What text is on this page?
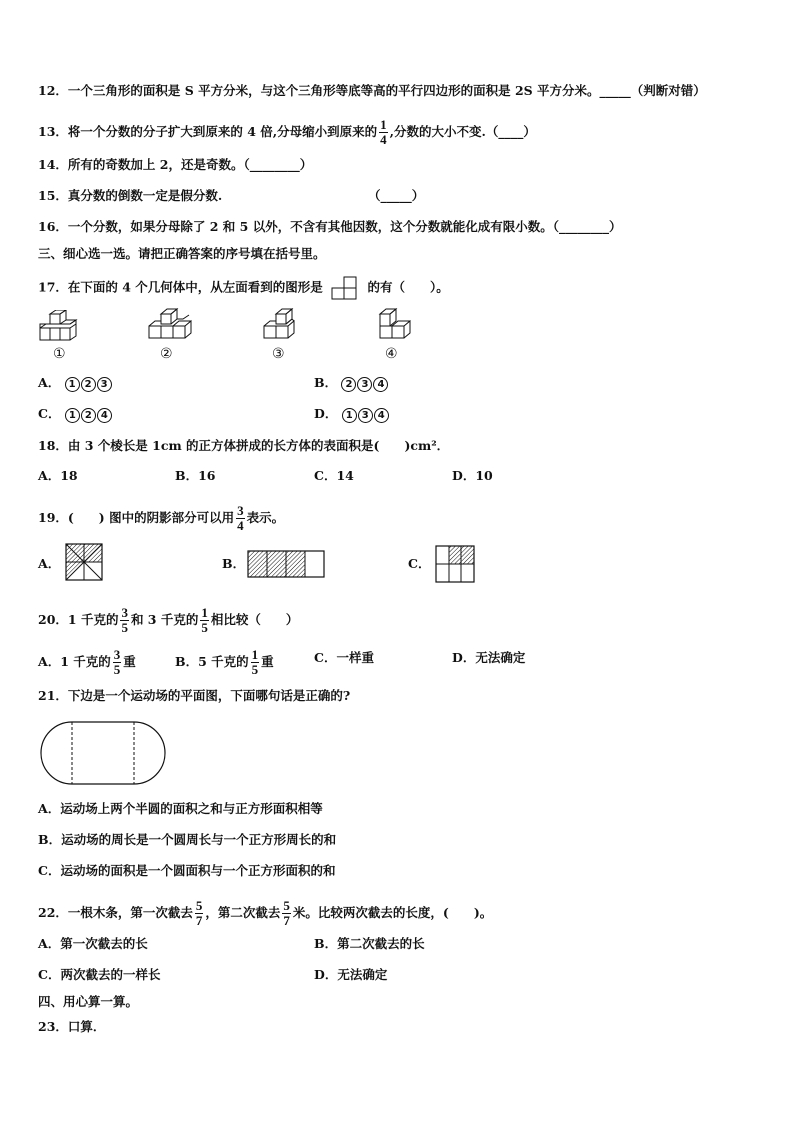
12．一个三角形的面积是 S 平方分米，与这个三角形等底等高的平行四边形的面积是 2S 平方分米。_____（判断对错）
13．将一个分数的分子扩大到原来的 4 倍,分母缩小到原来的 $\frac{1}{4}$ ,分数的大小不变.（____）
14．所有的奇数加上 2，还是奇数。（________）
15．真分数的倒数一定是假分数.	（_____）
16．一个分数，如果分母除了 2 和 5 以外，不含有其他因数，这个分数就能化成有限小数。（________）
三、细心选一选。请把正确答案的序号填在括号里。
17．在下面的 4 个几何体中，从左面看到的图形是	的有（　　）。
①	②	③	④
A． 1 2 3	B． 2 3 4
C． 1 2 4	D． 1 3 4
18．由 3 个棱长是 1cm 的正方体拼成的长方体的表面积是(　　)cm²．
A．18	B．16	C．14	D．10
19．(　　) 图中的阴影部分可以用 $\frac{3}{4}$ 表示。
A．	B．	C．
20．1 千克的 $\frac{3}{5}$ 和 3 千克的 $\frac{1}{5}$ 相比较（　　）
A．1 千克的 $\frac{3}{5}$ 重	B．5 千克的 $\frac{1}{5}$ 重	C．一样重	D．无法确定
21．下边是一个运动场的平面图，下面哪句话是正确的?
A．运动场上两个半圆的面积之和与正方形面积相等
B．运动场的周长是一个圆周长与一个正方形周长的和
C．运动场的面积是一个圆面积与一个正方形面积的和
22．一根木条，第一次截去 $\frac{5}{7}$ ，第二次截去 $\frac{5}{7}$ 米。比较两次截去的长度，(　　)。
A．第一次截去的长	B．第二次截去的长
C．两次截去的一样长	D．无法确定
四、用心算一算。
23．口算．
